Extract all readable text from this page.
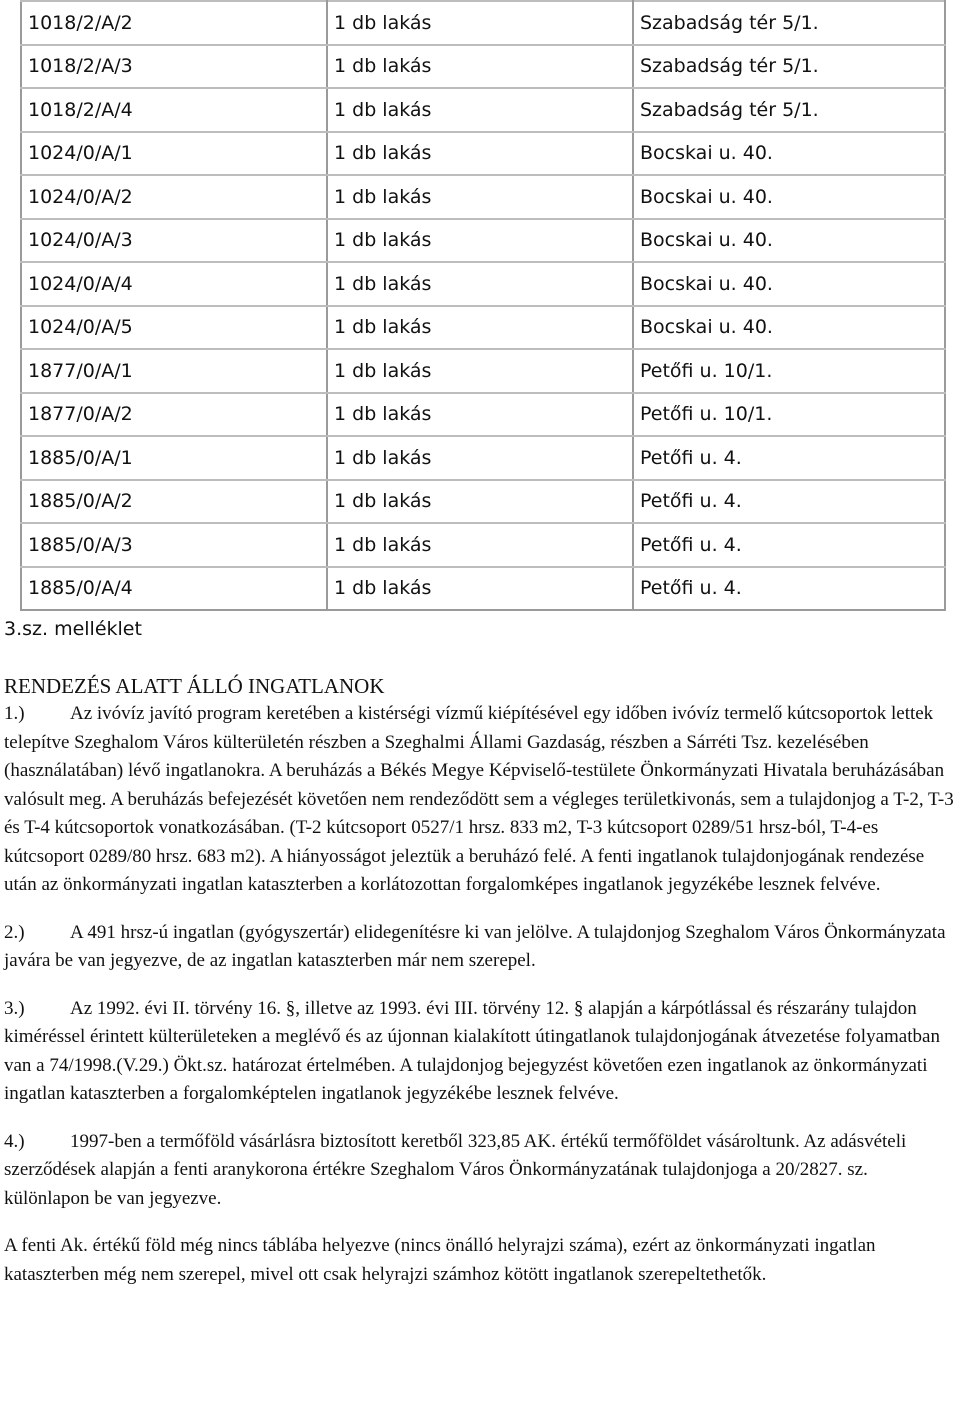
1018/2/A/2	1 db lakás	Szabadság tér 5/1.
1018/2/A/3	1 db lakás	Szabadság tér 5/1.
1018/2/A/4	1 db lakás	Szabadság tér 5/1.
1024/0/A/1	1 db lakás	Bocskai u. 40.
1024/0/A/2	1 db lakás	Bocskai u. 40.
1024/0/A/3	1 db lakás	Bocskai u. 40.
1024/0/A/4	1 db lakás	Bocskai u. 40.
1024/0/A/5	1 db lakás	Bocskai u. 40.
1877/0/A/1	1 db lakás	Petőfi u. 10/1.
1877/0/A/2	1 db lakás	Petőfi u. 10/1.
1885/0/A/1	1 db lakás	Petőfi u. 4.
1885/0/A/2	1 db lakás	Petőfi u. 4.
1885/0/A/3	1 db lakás	Petőfi u. 4.
1885/0/A/4	1 db lakás	Petőfi u. 4.
3.sz. melléklet
RENDEZÉS ALATT ÁLLÓ INGATLANOK

1.) Az ivóvíz javító program keretében a kistérségi vízmű kiépítésével egy időben ivóvíz termelő kútcsoportok lettek telepítve Szeghalom Város külterületén részben a Szeghalmi Állami Gazdaság, részben a Sárréti Tsz. kezelésében (használatában) lévő ingatlanokra. A beruházás a Békés Megye Képviselő-testülete Önkormányzati Hivatala beruházásában valósult meg. A beruházás befejezését követően nem rendeződött sem a végleges területkivonás, sem a tulajdonjog a T-2, T-3 és T-4 kútcsoportok vonatkozásában. (T-2 kútcsoport 0527/1 hrsz. 833 m2, T-3 kútcsoport 0289/51 hrsz-ból, T-4-es kútcsoport 0289/80 hrsz. 683 m2). A hiányosságot jeleztük a beruházó felé. A fenti ingatlanok tulajdonjogának rendezése után az önkormányzati ingatlan kataszterben a korlátozottan forgalomképes ingatlanok jegyzékébe lesznek felvéve.

2.) A 491 hrsz-ú ingatlan (gyógyszertár) elidegenítésre ki van jelölve. A tulajdonjog Szeghalom Város Önkormányzata javára be van jegyezve, de az ingatlan kataszterben már nem szerepel.

3.) Az 1992. évi II. törvény 16. §, illetve az 1993. évi III. törvény 12. § alapján a kárpótlással és részarány tulajdon kiméréssel érintett külterületeken a meglévő és az újonnan kialakított útingatlanok tulajdonjogának átvezetése folyamatban van a 74/1998.(V.29.) Ökt.sz. határozat értelmében. A tulajdonjog bejegyzést követően ezen ingatlanok az önkormányzati ingatlan kataszterben a forgalomképtelen ingatlanok jegyzékébe lesznek felvéve.

4.) 1997-ben a termőföld vásárlásra biztosított keretből 323,85 AK. értékű termőföldet vásároltunk. Az adásvételi szerződések alapján a fenti aranykorona értékre Szeghalom Város Önkormányzatának tulajdonjoga a 20/2827. sz. különlapon be van jegyezve.

A fenti Ak. értékű föld még nincs táblába helyezve (nincs önálló helyrajzi száma), ezért az önkormányzati ingatlan kataszterben még nem szerepel, mivel ott csak helyrajzi számhoz kötött ingatlanok szerepeltethetők.
